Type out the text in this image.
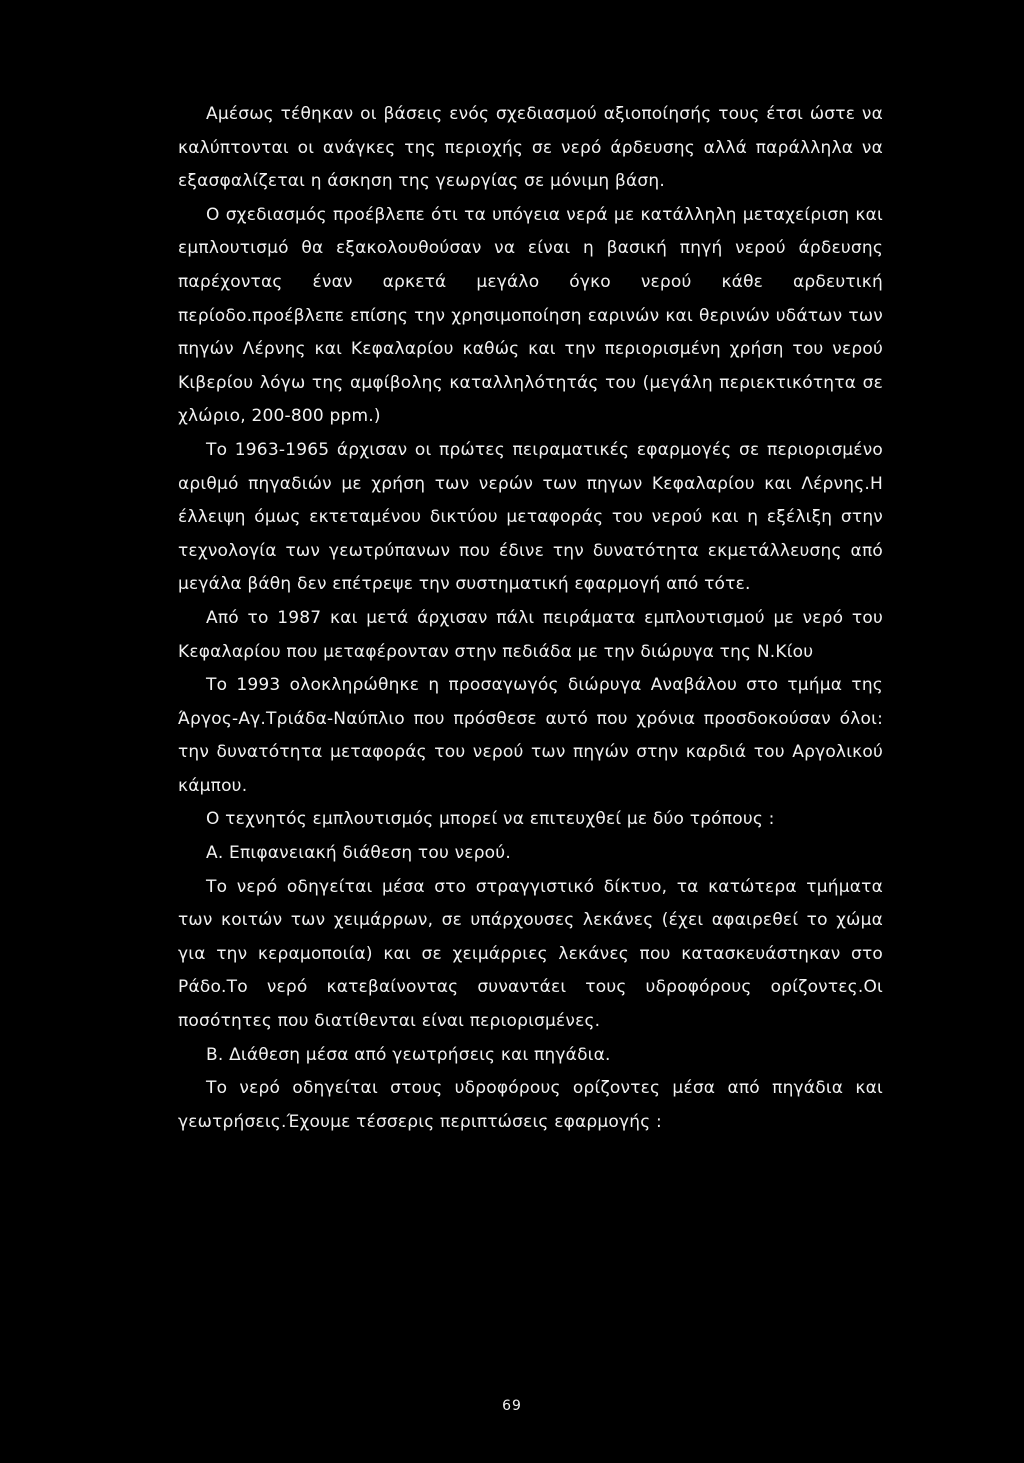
Αμέσως τέθηκαν οι βάσεις ενός σχεδιασμού αξιοποίησής τους έτσι ώστε να καλύπτονται οι ανάγκες της περιοχής σε νερό άρδευσης αλλά παράλληλα να εξασφαλίζεται η άσκηση της γεωργίας σε μόνιμη βάση.

Ο σχεδιασμός προέβλεπε ότι τα υπόγεια νερά με κατάλληλη μεταχείριση και εμπλουτισμό θα εξακολουθούσαν να είναι η βασική πηγή νερού άρδευσης παρέχοντας έναν αρκετά μεγάλο όγκο νερού κάθε αρδευτική περίοδο.προέβλεπε επίσης την χρησιμοποίηση εαρινών και θερινών υδάτων των πηγών Λέρνης και Κεφαλαρίου καθώς και την περιορισμένη χρήση του νερού Κιβερίου λόγω της αμφίβολης καταλληλότητάς του (μεγάλη περιεκτικότητα σε χλώριο, 200-800 ppm.)

Το 1963-1965 άρχισαν οι πρώτες πειραματικές εφαρμογές σε περιορισμένο αριθμό πηγαδιών με χρήση των νερών των πηγων Κεφαλαρίου και Λέρνης.Η έλλειψη όμως εκτεταμένου δικτύου μεταφοράς του νερού και η εξέλιξη στην τεχνολογία των γεωτρύπανων που έδινε την δυνατότητα εκμετάλλευσης από μεγάλα βάθη δεν επέτρεψε την συστηματική εφαρμογή από τότε.

Από το 1987 και μετά άρχισαν πάλι πειράματα εμπλουτισμού με νερό του Κεφαλαρίου που μεταφέρονταν στην πεδιάδα με την διώρυγα της Ν.Κίου

Το 1993 ολοκληρώθηκε η προσαγωγός διώρυγα Αναβάλου στο τμήμα της Άργος-Αγ.Τριάδα-Ναύπλιο που πρόσθεσε αυτό που χρόνια προσδοκούσαν όλοι: την δυνατότητα μεταφοράς του νερού των πηγών στην καρδιά του Αργολικού κάμπου.

Ο τεχνητός εμπλουτισμός μπορεί να επιτευχθεί με δύο τρόπους :

Α. Επιφανειακή διάθεση του νερού.

Το νερό οδηγείται μέσα στο στραγγιστικό δίκτυο, τα κατώτερα τμήματα των κοιτών των χειμάρρων, σε υπάρχουσες λεκάνες (έχει αφαιρεθεί το χώμα για την κεραμοποιία) και σε χειμάρριες λεκάνες που κατασκευάστηκαν στο Ράδο.Το νερό κατεβαίνοντας συναντάει τους υδροφόρους ορίζοντες.Οι ποσότητες που διατίθενται είναι περιορισμένες.

Β. Διάθεση μέσα από γεωτρήσεις και πηγάδια.

Το νερό οδηγείται στους υδροφόρους ορίζοντες μέσα από πηγάδια και γεωτρήσεις.Έχουμε τέσσερις περιπτώσεις εφαρμογής :

69
